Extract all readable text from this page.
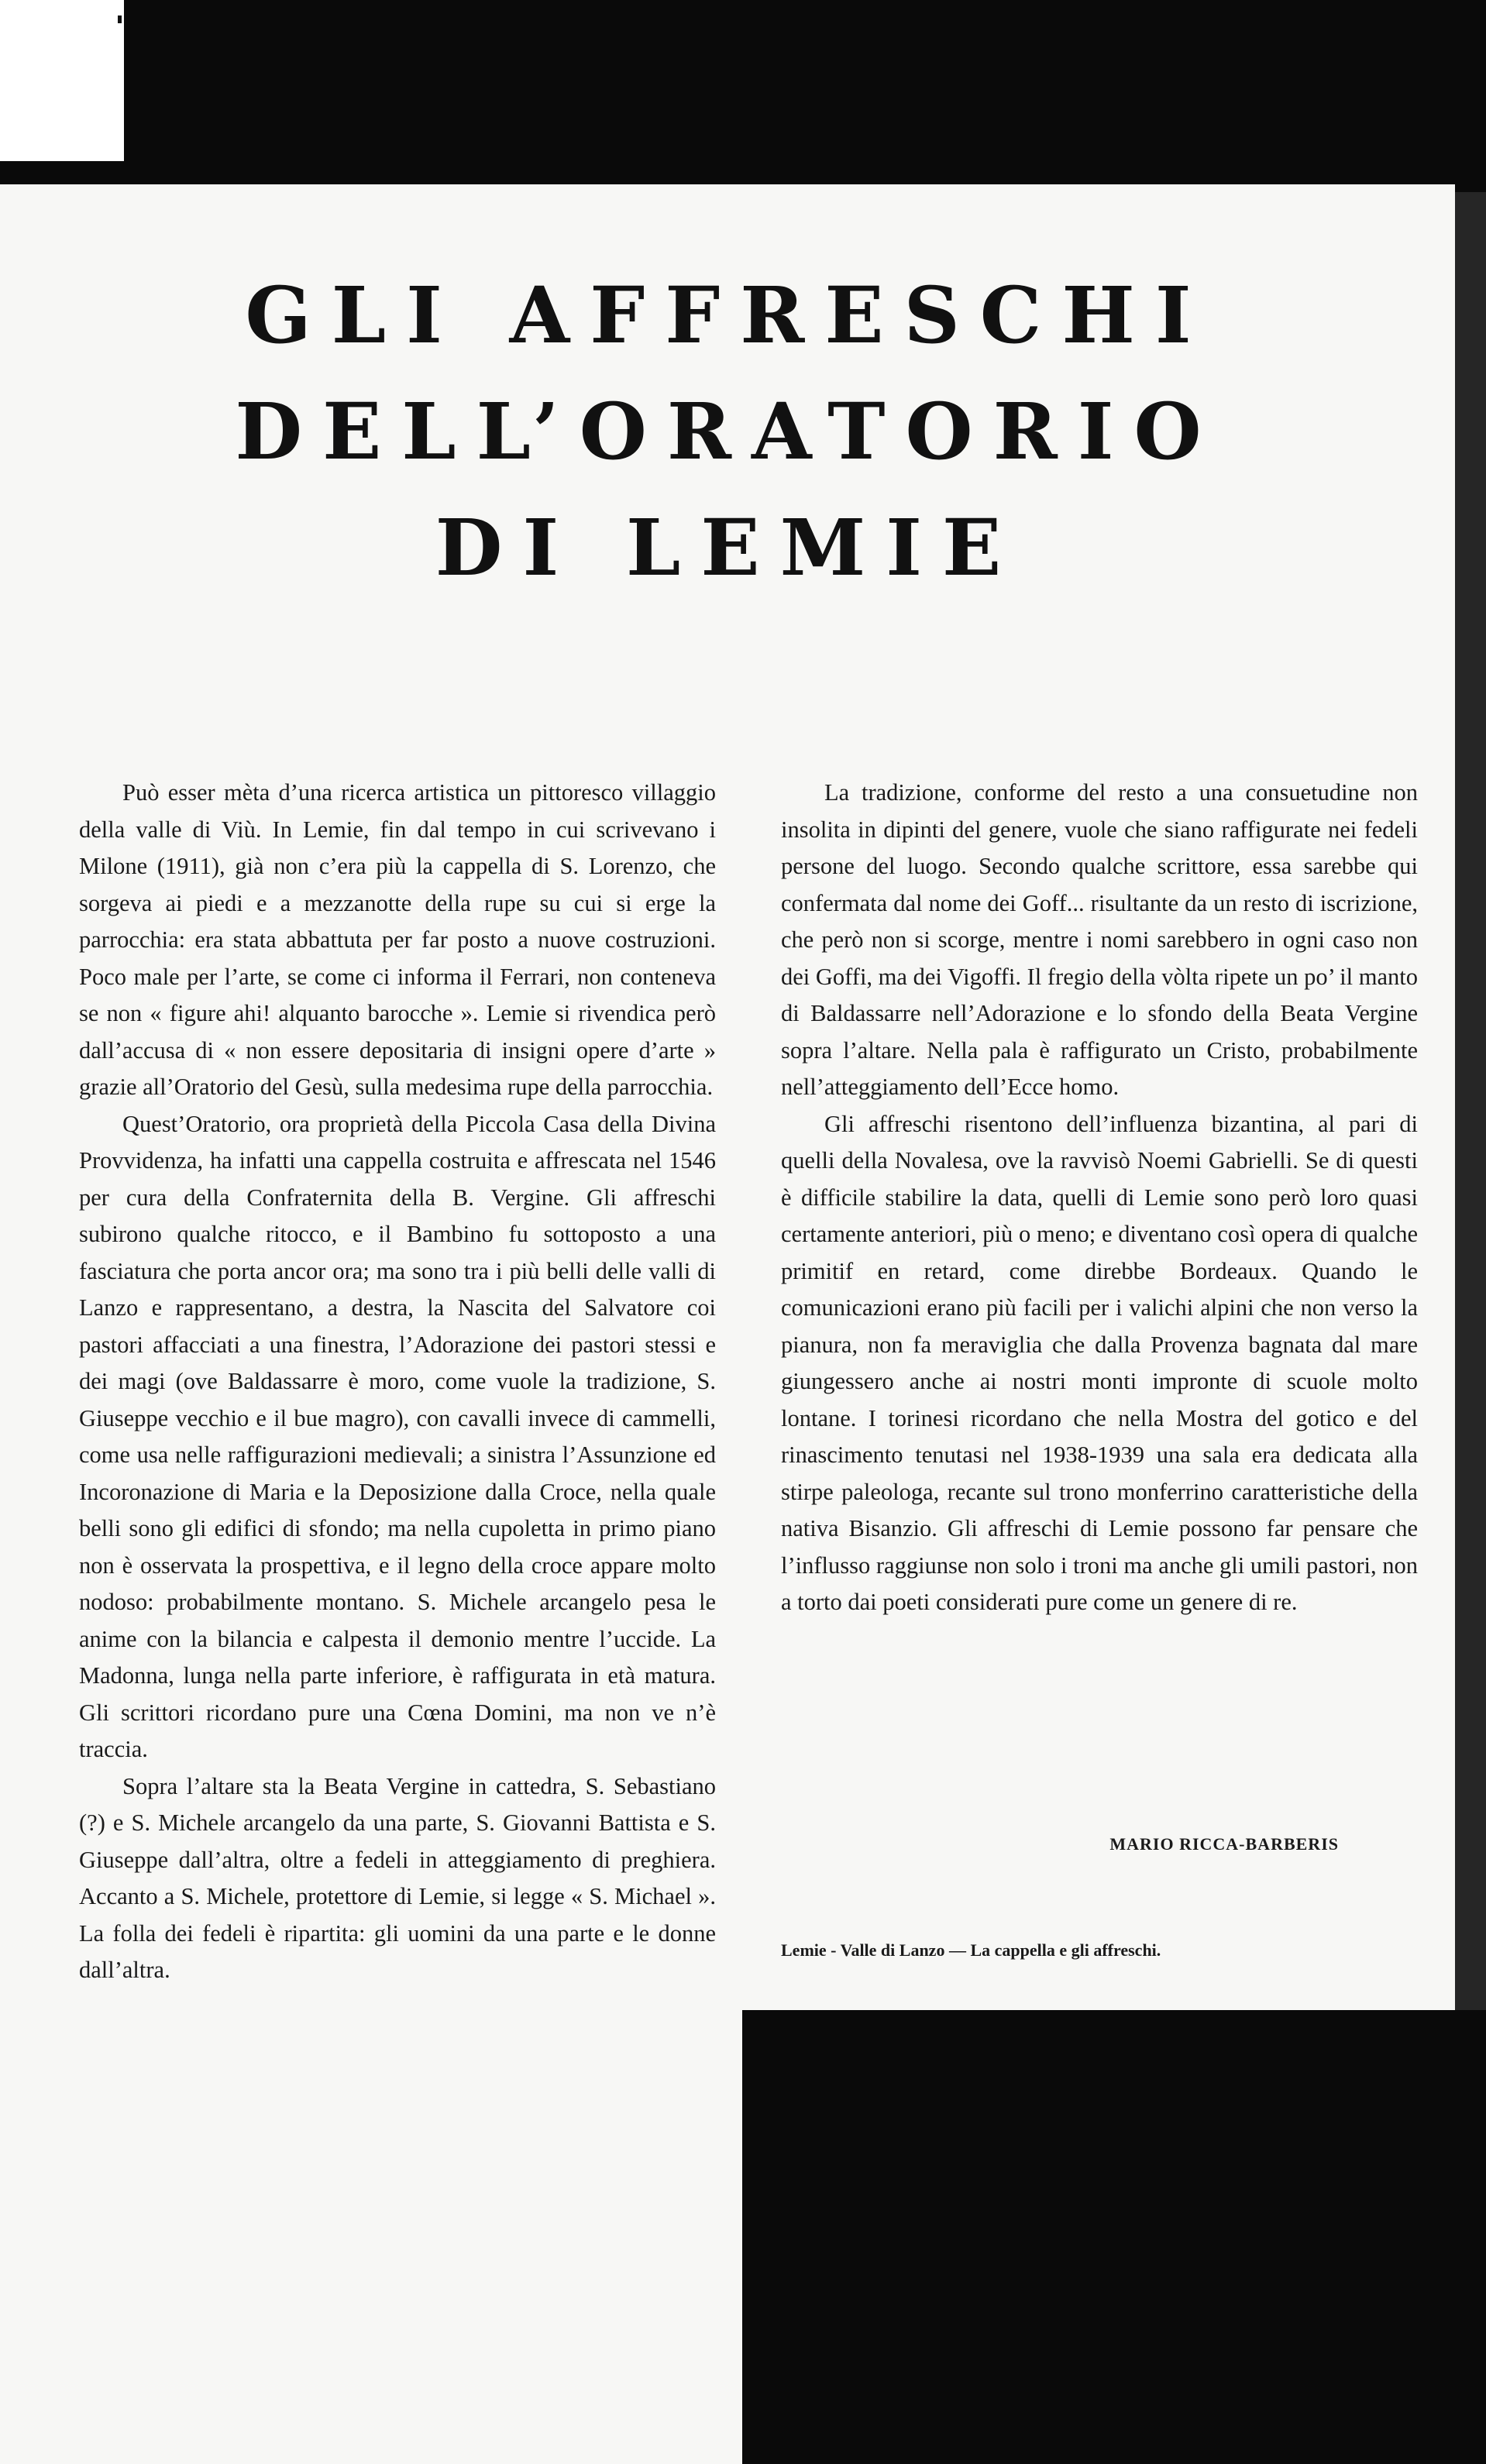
GLI AFFRESCHI
DELL’ORATORIO
DI LEMIE

Può esser mèta d’una ricerca artistica un pittoresco villaggio della valle di Viù. In Lemie, fin dal tempo in cui scrivevano i Milone (1911), già non c’era più la cappella di S. Lorenzo, che sorgeva ai piedi e a mezzanotte della rupe su cui si erge la parrocchia: era stata abbattuta per far posto a nuove costruzioni. Poco male per l’arte, se come ci informa il Ferrari, non conteneva se non « figure ahi! alquanto barocche ». Lemie si rivendica però dall’accusa di « non essere depositaria di insigni opere d’arte » grazie all’Oratorio del Gesù, sulla medesima rupe della parrocchia.

Quest’Oratorio, ora proprietà della Piccola Casa della Divina Provvidenza, ha infatti una cappella costruita e affrescata nel 1546 per cura della Confraternita della B. Vergine. Gli affreschi subirono qualche ritocco, e il Bambino fu sottoposto a una fasciatura che porta ancor ora; ma sono tra i più belli delle valli di Lanzo e rappresentano, a destra, la Nascita del Salvatore coi pastori affacciati a una finestra, l’Adorazione dei pastori stessi e dei magi (ove Baldassarre è moro, come vuole la tradizione, S. Giuseppe vecchio e il bue magro), con cavalli invece di cammelli, come usa nelle raffigurazioni medievali; a sinistra l’Assunzione ed Incoronazione di Maria e la Deposizione dalla Croce, nella quale belli sono gli edifici di sfondo; ma nella cupoletta in primo piano non è osservata la prospettiva, e il legno della croce appare molto nodoso: probabilmente montano. S. Michele arcangelo pesa le anime con la bilancia e calpesta il demonio mentre l’uccide. La Madonna, lunga nella parte inferiore, è raffigurata in età matura. Gli scrittori ricordano pure una Cœna Domini, ma non ve n’è traccia.

Sopra l’altare sta la Beata Vergine in cattedra, S. Sebastiano (?) e S. Michele arcangelo da una parte, S. Giovanni Battista e S. Giuseppe dall’altra, oltre a fedeli in atteggiamento di preghiera. Accanto a S. Michele, protettore di Lemie, si legge « S. Michael ». La folla dei fedeli è ripartita: gli uomini da una parte e le donne dall’altra.

La tradizione, conforme del resto a una consuetudine non insolita in dipinti del genere, vuole che siano raffigurate nei fedeli persone del luogo. Secondo qualche scrittore, essa sarebbe qui confermata dal nome dei Goff... risultante da un resto di iscrizione, che però non si scorge, mentre i nomi sarebbero in ogni caso non dei Goffi, ma dei Vigoffi. Il fregio della vòlta ripete un po’ il manto di Baldassarre nell’Adorazione e lo sfondo della Beata Vergine sopra l’altare. Nella pala è raffigurato un Cristo, probabilmente nell’atteggiamento dell’Ecce homo.

Gli affreschi risentono dell’influenza bizantina, al pari di quelli della Novalesa, ove la ravvisò Noemi Gabrielli. Se di questi è difficile stabilire la data, quelli di Lemie sono però loro quasi certamente anteriori, più o meno; e diventano così opera di qualche primitif en retard, come direbbe Bordeaux. Quando le comunicazioni erano più facili per i valichi alpini che non verso la pianura, non fa meraviglia che dalla Provenza bagnata dal mare giungessero anche ai nostri monti impronte di scuole molto lontane. I torinesi ricordano che nella Mostra del gotico e del rinascimento tenutasi nel 1938-1939 una sala era dedicata alla stirpe paleologa, recante sul trono monferrino caratteristiche della nativa Bisanzio. Gli affreschi di Lemie possono far pensare che l’influsso raggiunse non solo i troni ma anche gli umili pastori, non a torto dai poeti considerati pure come un genere di re.

MARIO RICCA-BARBERIS

Lemie - Valle di Lanzo — La cappella e gli affreschi.
